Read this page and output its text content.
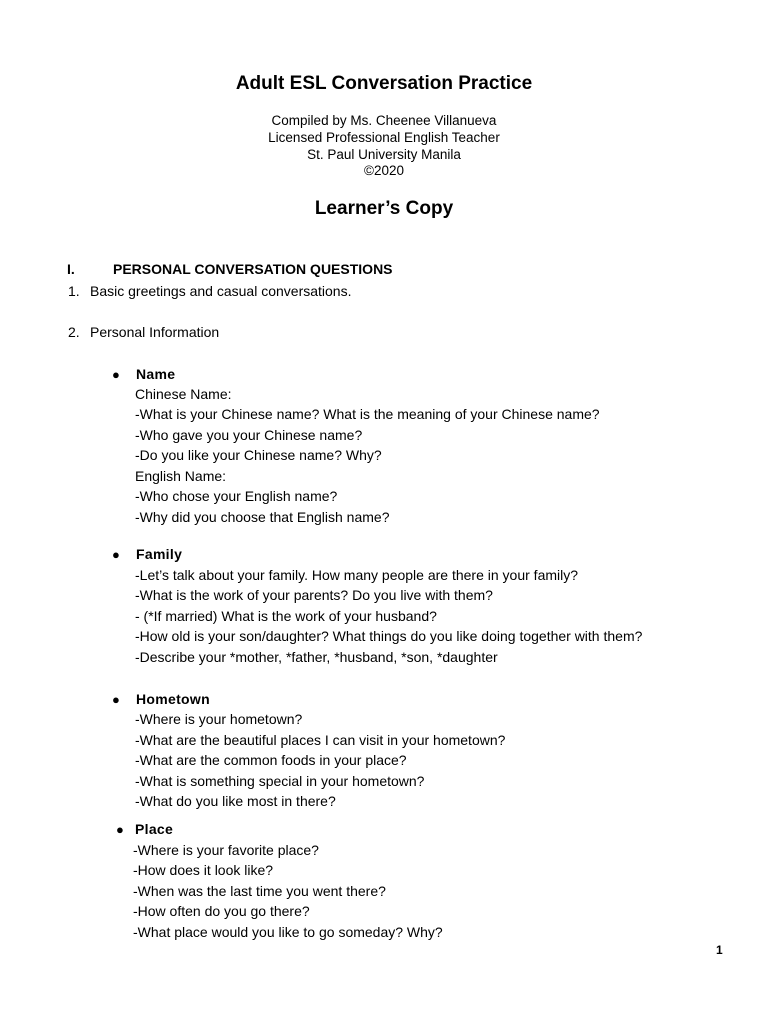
Adult ESL Conversation Practice
Compiled by Ms. Cheenee Villanueva
Licensed Professional English Teacher
St. Paul University Manila
©2020
Learner’s Copy
I.	PERSONAL CONVERSATION QUESTIONS
1. Basic greetings and casual conversations.
2. Personal Information
● Name
Chinese Name:
-What is your Chinese name? What is the meaning of your Chinese name?
-Who gave you your Chinese name?
-Do you like your Chinese name? Why?
English Name:
-Who chose your English name?
-Why did you choose that English name?
● Family
-Let’s talk about your family. How many people are there in your family?
-What is the work of your parents? Do you live with them?
- (*If married) What is the work of your husband?
-How old is your son/daughter? What things do you like doing together with them?
-Describe your *mother, *father, *husband, *son, *daughter
● Hometown
-Where is your hometown?
-What are the beautiful places I can visit in your hometown?
-What are the common foods in your place?
-What is something special in your hometown?
-What do you like most in there?
● Place
-Where is your favorite place?
-How does it look like?
-When was the last time you went there?
-How often do you go there?
-What place would you like to go someday? Why?
1
